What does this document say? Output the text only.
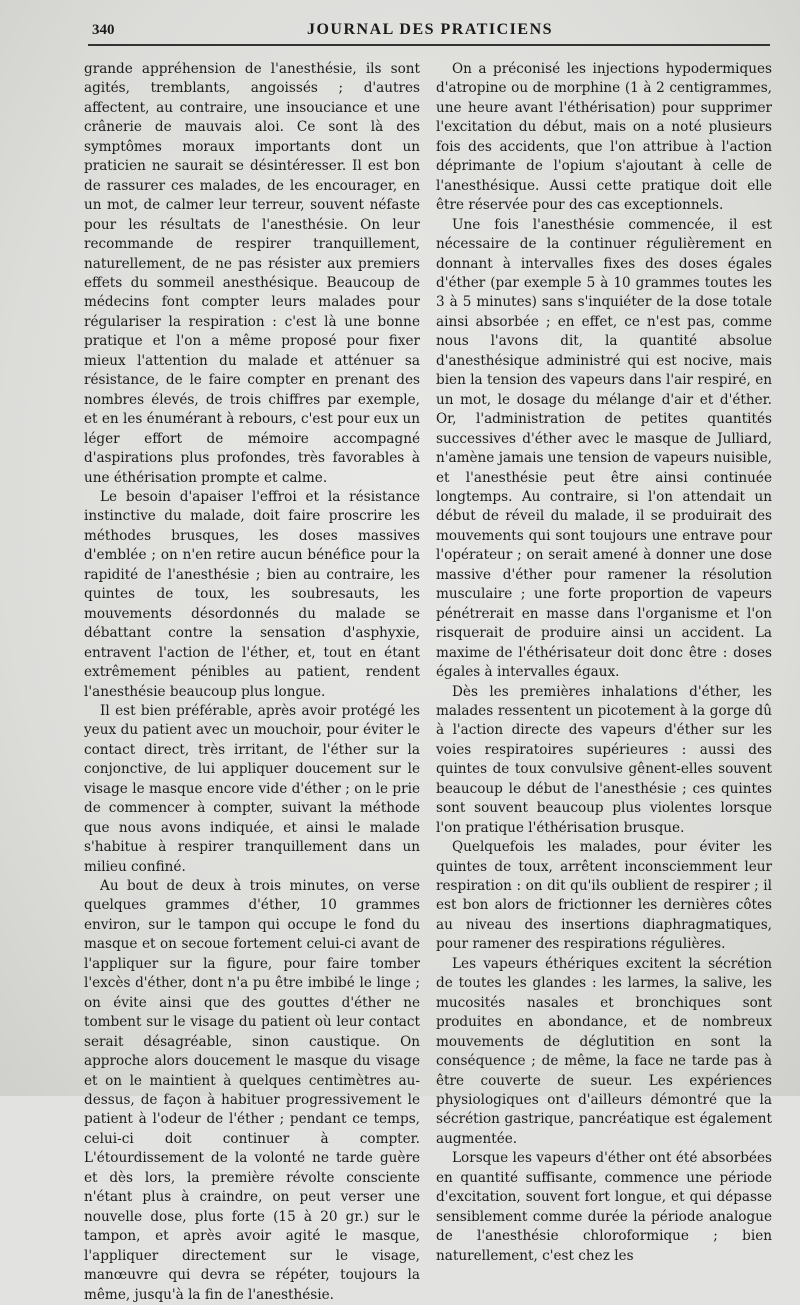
340	JOURNAL DES PRATICIENS

grande appréhension de l'anesthésie, ils sont agités, tremblants, angoissés ; d'autres affectent, au contraire, une insouciance et une crânerie de mauvais aloi. Ce sont là des symptômes moraux importants dont un praticien ne saurait se désintéresser. Il est bon de rassurer ces malades, de les encourager, en un mot, de calmer leur terreur, souvent néfaste pour les résultats de l'anesthésie. On leur recommande de respirer tranquillement, naturellement, de ne pas résister aux premiers effets du sommeil anesthésique. Beaucoup de médecins font compter leurs malades pour régulariser la respiration : c'est là une bonne pratique et l'on a même proposé pour fixer mieux l'attention du malade et atténuer sa résistance, de le faire compter en prenant des nombres élevés, de trois chiffres par exemple, et en les énumérant à rebours, c'est pour eux un léger effort de mémoire accompagné d'aspirations plus profondes, très favorables à une éthérisation prompte et calme.

Le besoin d'apaiser l'effroi et la résistance instinctive du malade, doit faire proscrire les méthodes brusques, les doses massives d'emblée ; on n'en retire aucun bénéfice pour la rapidité de l'anesthésie ; bien au contraire, les quintes de toux, les soubresauts, les mouvements désordonnés du malade se débattant contre la sensation d'asphyxie, entravent l'action de l'éther, et, tout en étant extrêmement pénibles au patient, rendent l'anesthésie beaucoup plus longue.

Il est bien préférable, après avoir protégé les yeux du patient avec un mouchoir, pour éviter le contact direct, très irritant, de l'éther sur la conjonctive, de lui appliquer doucement sur le visage le masque encore vide d'éther ; on le prie de commencer à compter, suivant la méthode que nous avons indiquée, et ainsi le malade s'habitue à respirer tranquillement dans un milieu confiné.

Au bout de deux à trois minutes, on verse quelques grammes d'éther, 10 grammes environ, sur le tampon qui occupe le fond du masque et on secoue fortement celui-ci avant de l'appliquer sur la figure, pour faire tomber l'excès d'éther, dont n'a pu être imbibé le linge ; on évite ainsi que des gouttes d'éther ne tombent sur le visage du patient où leur contact serait désagréable, sinon caustique. On approche alors doucement le masque du visage et on le maintient à quelques centimètres au-dessus, de façon à habituer progressivement le patient à l'odeur de l'éther ; pendant ce temps, celui-ci doit continuer à compter. L'étourdissement de la volonté ne tarde guère et dès lors, la première révolte consciente n'étant plus à craindre, on peut verser une nouvelle dose, plus forte (15 à 20 gr.) sur le tampon, et après avoir agité le masque, l'appliquer directement sur le visage, manœuvre qui devra se répéter, toujours la même, jusqu'à la fin de l'anesthésie.

On a préconisé les injections hypodermiques d'atropine ou de morphine (1 à 2 centigrammes, une heure avant l'éthérisation) pour supprimer l'excitation du début, mais on a noté plusieurs fois des accidents, que l'on attribue à l'action déprimante de l'opium s'ajoutant à celle de l'anesthésique. Aussi cette pratique doit elle être réservée pour des cas exceptionnels.

Une fois l'anesthésie commencée, il est nécessaire de la continuer régulièrement en donnant à intervalles fixes des doses égales d'éther (par exemple 5 à 10 grammes toutes les 3 à 5 minutes) sans s'inquiéter de la dose totale ainsi absorbée ; en effet, ce n'est pas, comme nous l'avons dit, la quantité absolue d'anesthésique administré qui est nocive, mais bien la tension des vapeurs dans l'air respiré, en un mot, le dosage du mélange d'air et d'éther. Or, l'administration de petites quantités successives d'éther avec le masque de Julliard, n'amène jamais une tension de vapeurs nuisible, et l'anesthésie peut être ainsi continuée longtemps. Au contraire, si l'on attendait un début de réveil du malade, il se produirait des mouvements qui sont toujours une entrave pour l'opérateur ; on serait amené à donner une dose massive d'éther pour ramener la résolution musculaire ; une forte proportion de vapeurs pénétrerait en masse dans l'organisme et l'on risquerait de produire ainsi un accident. La maxime de l'éthérisateur doit donc être : doses égales à intervalles égaux.

Dès les premières inhalations d'éther, les malades ressentent un picotement à la gorge dû à l'action directe des vapeurs d'éther sur les voies respiratoires supérieures : aussi des quintes de toux convulsive gênent-elles souvent beaucoup le début de l'anesthésie ; ces quintes sont souvent beaucoup plus violentes lorsque l'on pratique l'éthérisation brusque.

Quelquefois les malades, pour éviter les quintes de toux, arrêtent inconsciemment leur respiration : on dit qu'ils oublient de respirer ; il est bon alors de frictionner les dernières côtes au niveau des insertions diaphragmatiques, pour ramener des respirations régulières.

Les vapeurs éthériques excitent la sécrétion de toutes les glandes : les larmes, la salive, les mucosités nasales et bronchiques sont produites en abondance, et de nombreux mouvements de déglutition en sont la conséquence ; de même, la face ne tarde pas à être couverte de sueur. Les expériences physiologiques ont d'ailleurs démontré que la sécrétion gastrique, pancréatique est également augmentée.

Lorsque les vapeurs d'éther ont été absorbées en quantité suffisante, commence une période d'excitation, souvent fort longue, et qui dépasse sensiblement comme durée la période analogue de l'anesthésie chloroformique ; bien naturellement, c'est chez les
